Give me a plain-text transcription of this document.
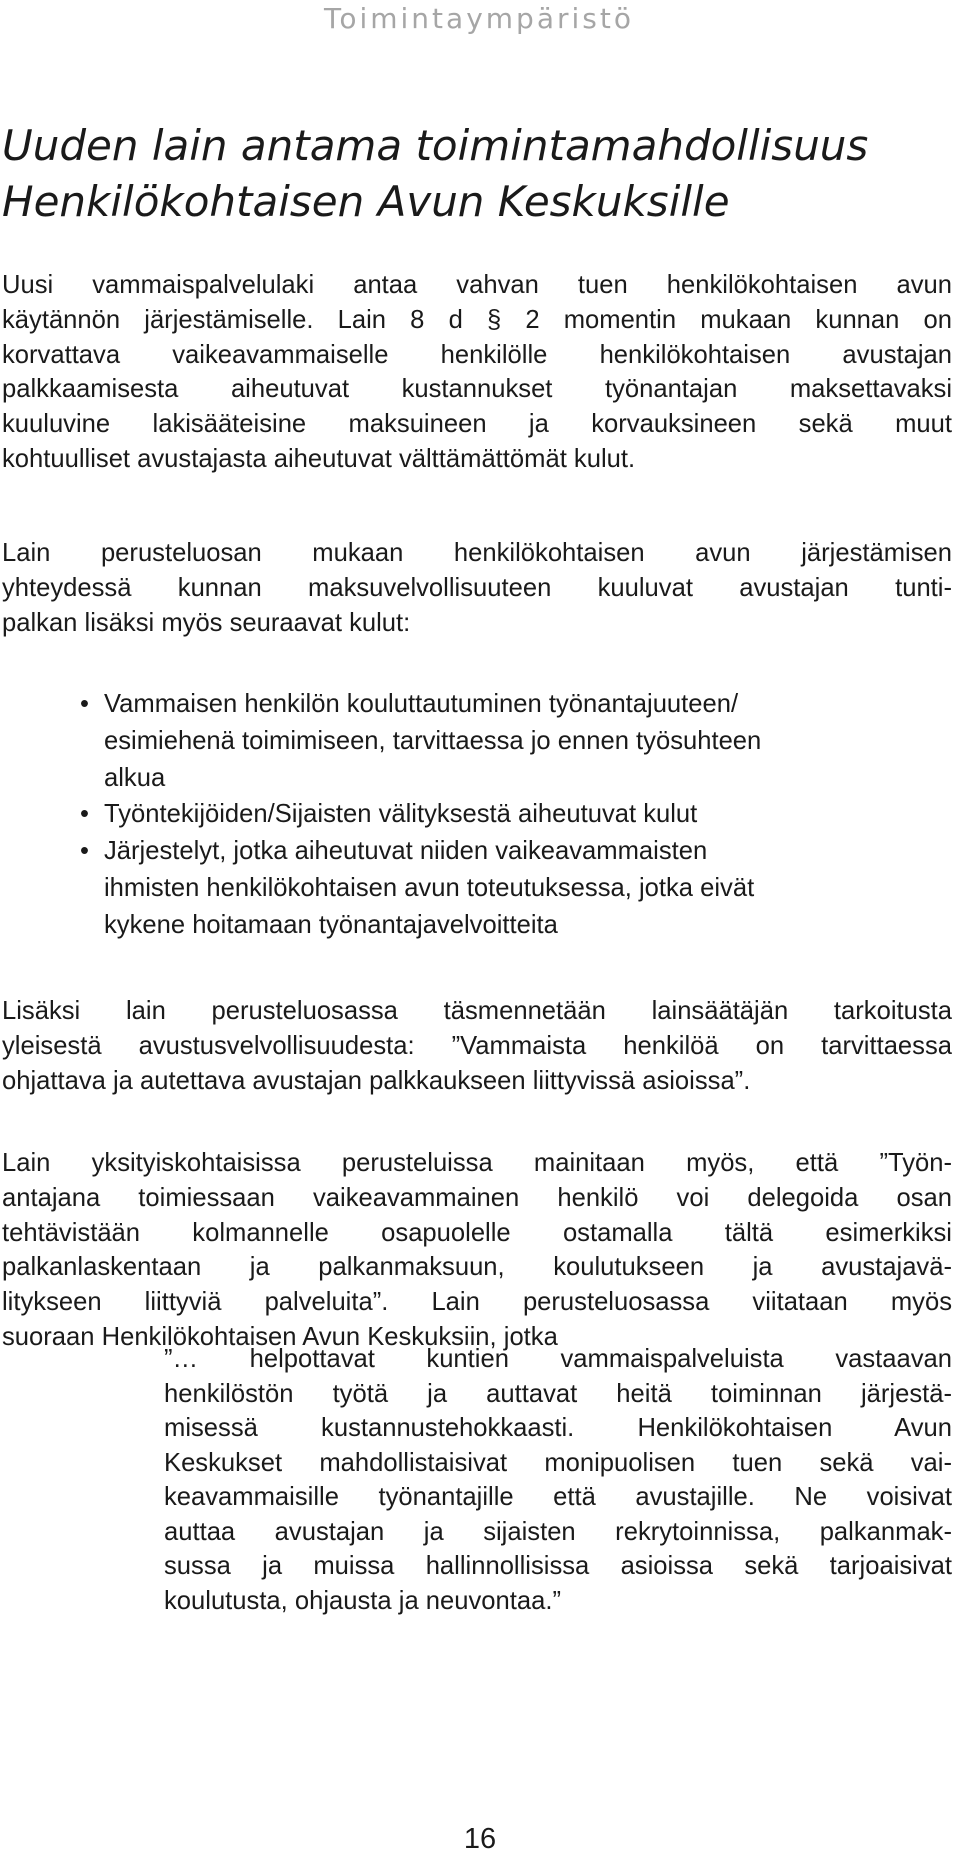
Toimintaympäristö
Uuden lain antama toimintamahdollisuus
Henkilökohtaisen Avun Keskuksille

Uusi vammaispalvelulaki antaa vahvan tuen henkilökohtaisen avun
käytännön järjestämiselle. Lain 8 d § 2 momentin mukaan kunnan on
korvattava vaikeavammaiselle henkilölle henkilökohtaisen avustajan
palkkaamisesta aiheutuvat kustannukset työnantajan maksettavaksi
kuuluvine lakisääteisine maksuineen ja korvauksineen sekä muut
kohtuulliset avustajasta aiheutuvat välttämättömät kulut.

Lain perusteluosan mukaan henkilökohtaisen avun järjestämisen
yhteydessä kunnan maksuvelvollisuuteen kuuluvat avustajan tunti-
palkan lisäksi myös seuraavat kulut:

• Vammaisen henkilön kouluttautuminen työnantajuuteen/
esimiehenä toimimiseen, tarvittaessa jo ennen työsuhteen
alkua
• Työntekijöiden/Sijaisten välityksestä aiheutuvat kulut
• Järjestelyt, jotka aiheutuvat niiden vaikeavammaisten
ihmisten henkilökohtaisen avun toteutuksessa, jotka eivät
kykene hoitamaan työnantajavelvoitteita

Lisäksi lain perusteluosassa täsmennetään lainsäätäjän tarkoitusta
yleisestä avustusvelvollisuudesta: ”Vammaista henkilöä on tarvittaessa
ohjattava ja autettava avustajan palkkaukseen liittyvissä asioissa”.

Lain yksityiskohtaisissa perusteluissa mainitaan myös, että ”Työn-
antajana toimiessaan vaikeavammainen henkilö voi delegoida osan
tehtävistään kolmannelle osapuolelle ostamalla tältä esimerkiksi
palkanlaskentaan ja palkanmaksuun, koulutukseen ja avustajavä-
litykseen liittyviä palveluita”. Lain perusteluosassa viitataan myös
suoraan Henkilökohtaisen Avun Keskuksiin, jotka

”… helpottavat kuntien vammaispalveluista vastaavan
henkilöstön työtä ja auttavat heitä toiminnan järjestä-
misessä kustannustehokkaasti. Henkilökohtaisen Avun
Keskukset mahdollistaisivat monipuolisen tuen sekä vai-
keavammaisille työnantajille että avustajille. Ne voisivat
auttaa avustajan ja sijaisten rekrytoinnissa, palkanmak-
sussa ja muissa hallinnollisissa asioissa sekä tarjoaisivat
koulutusta, ohjausta ja neuvontaa.”
16
